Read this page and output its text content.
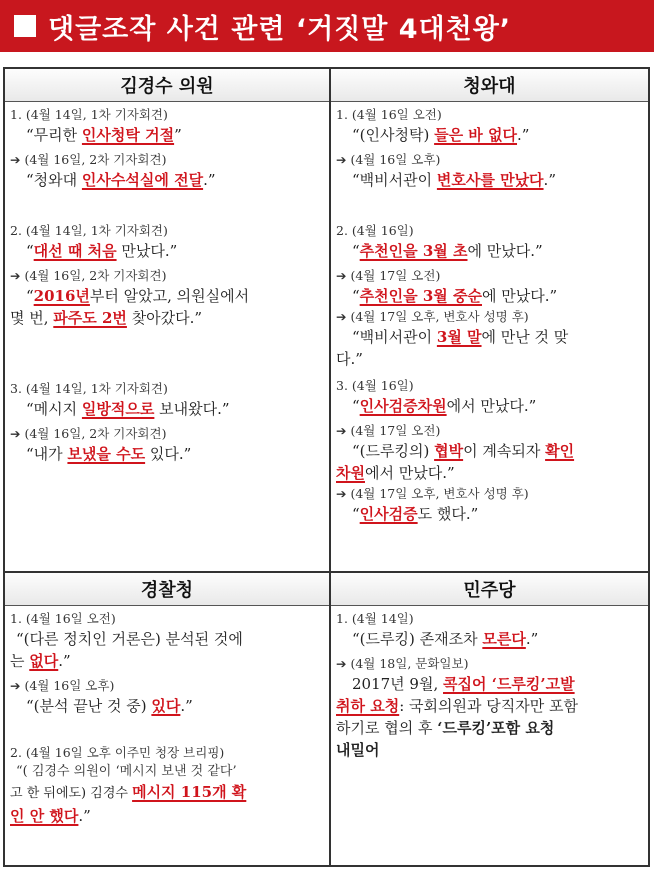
댓글조작 사건 관련 ‘거짓말 4대천왕’
김경수 의원	청와대
경찰청	민주당
1. (4월 14일, 1차 기자회견)
“무리한 인사청탁 거절”
➔ (4월 16일, 2차 기자회견)
“청와대 인사수석실에 전달.”
2. (4월 14일, 1차 기자회견)
“대선 때 처음 만났다.”
➔ (4월 16일, 2차 기자회견)
“2016년부터 알았고, 의원실에서
몇 번, 파주도 2번 찾아갔다.”
3. (4월 14일, 1차 기자회견)
“메시지 일방적으로 보내왔다.”
➔ (4월 16일, 2차 기자회견)
“내가 보냈을 수도 있다.”
1. (4월 16일 오전)
“(인사청탁) 들은 바 없다.”
➔ (4월 16일 오후)
“백비서관이 변호사를 만났다.”
2. (4월 16일)
“추천인을 3월 초에 만났다.”
➔ (4월 17일 오전)
“추천인을 3월 중순에 만났다.”
➔ (4월 17일 오후, 변호사 성명 후)
“백비서관이 3월 말에 만난 것 맞
다.”
3. (4월 16일)
“인사검증차원에서 만났다.”
➔ (4월 17일 오전)
“(드루킹의) 협박이 계속되자 확인
차원에서 만났다.”
➔ (4월 17일 오후, 변호사 성명 후)
“인사검증도 했다.”
1. (4월 16일 오전)
“(다른 정치인 거론은) 분석된 것에
는 없다.”
➔ (4월 16일 오후)
“(분석 끝난 것 중) 있다.”
2. (4월 16일 오후 이주민 청장 브리핑)
“( 김경수 의원이 ‘메시지 보낸 것 같다’
고 한 뒤에도) 김경수 메시지 115개 확
인 안 했다.”
1. (4월 14일)
“(드루킹) 존재조차 모른다.”
➔ (4월 18일, 문화일보)
2017년 9월, 콕집어 ‘드루킹’고발
취하 요청: 국회의원과 당직자만 포함
하기로 협의 후 ‘드루킹’포함 요청
내밀어
